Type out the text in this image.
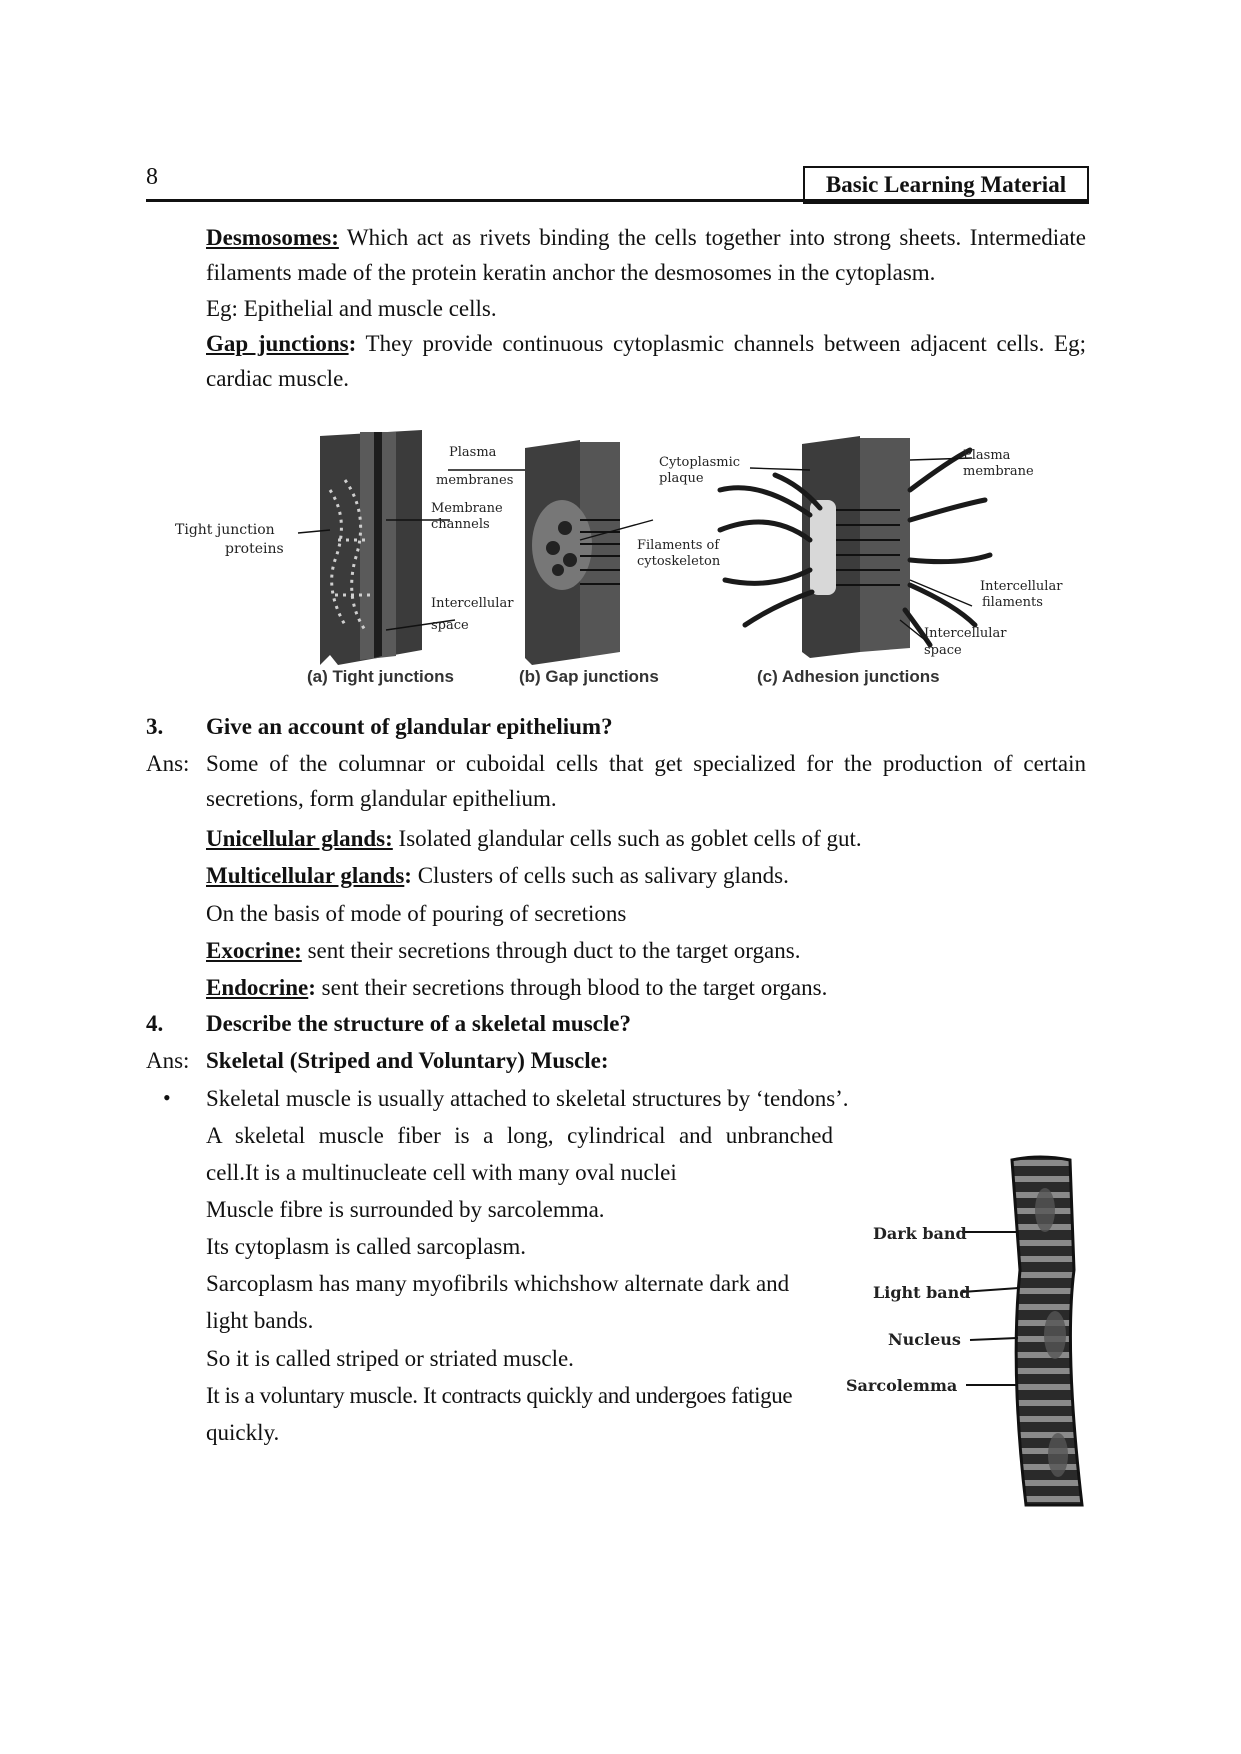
8	Basic Learning Material
Desmosomes: Which act as rivets binding the cells together into strong sheets. Intermediate filaments made of the protein keratin anchor the desmosomes in the cytoplasm.
Eg: Epithelial and muscle cells.
Gap junctions: They provide continuous cytoplasmic channels between adjacent cells. Eg; cardiac muscle.
Plasma
membranes
Membrane
channels
Tight junction
proteins
Intercellular
space
Cytoplasmic
plaque
Filaments of
cytoskeleton
Plasma
membrane
Intercellular
filaments
Intercellular
space
(a) Tight junctions	(b) Gap junctions	(c) Adhesion junctions
3. Give an account of glandular epithelium?
Ans: Some of the columnar or cuboidal cells that get specialized for the production of certain secretions, form glandular epithelium.
Unicellular glands: Isolated glandular cells such as goblet cells of gut.
Multicellular glands: Clusters of cells such as salivary glands.
On the basis of mode of pouring of secretions
Exocrine: sent their secretions through duct to the target organs.
Endocrine: sent their secretions through blood to the target organs.
4. Describe the structure of a skeletal muscle?
Ans: Skeletal (Striped and Voluntary) Muscle:
• Skeletal muscle is usually attached to skeletal structures by ‘tendons’.
A skeletal muscle fiber is a long, cylindrical and unbranched
cell.It is a multinucleate cell with many oval nuclei
Muscle fibre is surrounded by sarcolemma.
Its cytoplasm is called sarcoplasm.
Sarcoplasm has many myofibrils whichshow alternate dark and
light bands.
So it is called striped or striated muscle.
It is a voluntary muscle. It contracts quickly and undergoes fatigue
quickly.
Dark band
Light band
Nucleus
Sarcolemma
